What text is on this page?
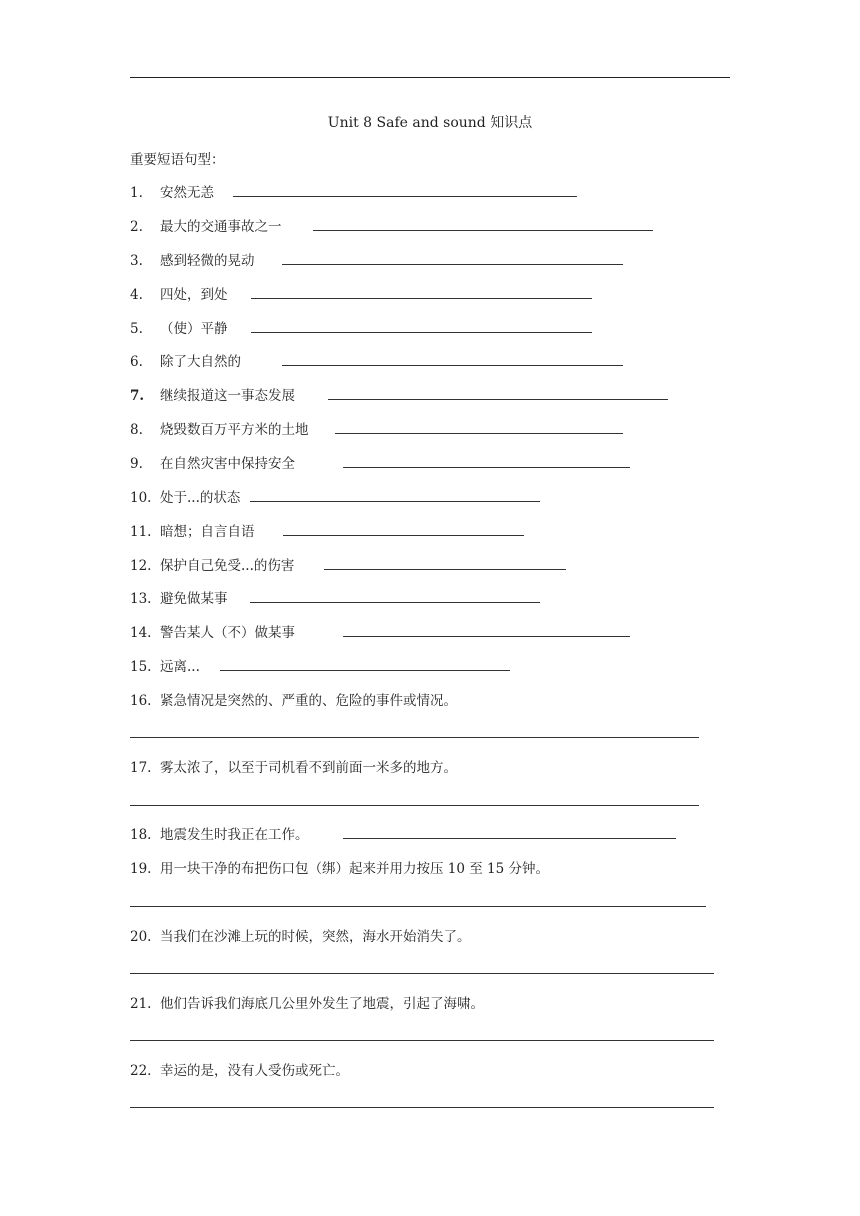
Unit 8 Safe and sound 知识点
重要短语句型：
1. 安然无恙
2. 最大的交通事故之一
3. 感到轻微的晃动
4. 四处，到处
5. （使）平静
6. 除了大自然的
7. 继续报道这一事态发展
8. 烧毁数百万平方米的土地
9. 在自然灾害中保持安全
10. 处于...的状态
11. 暗想；自言自语
12. 保护自己免受...的伤害
13. 避免做某事
14. 警告某人（不）做某事
15. 远离...
16. 紧急情况是突然的、严重的、危险的事件或情况。
17. 雾太浓了，以至于司机看不到前面一米多的地方。
18. 地震发生时我正在工作。
19. 用一块干净的布把伤口包（绑）起来并用力按压 10 至 15 分钟。
20. 当我们在沙滩上玩的时候，突然，海水开始消失了。
21. 他们告诉我们海底几公里外发生了地震，引起了海啸。
22. 幸运的是，没有人受伤或死亡。
